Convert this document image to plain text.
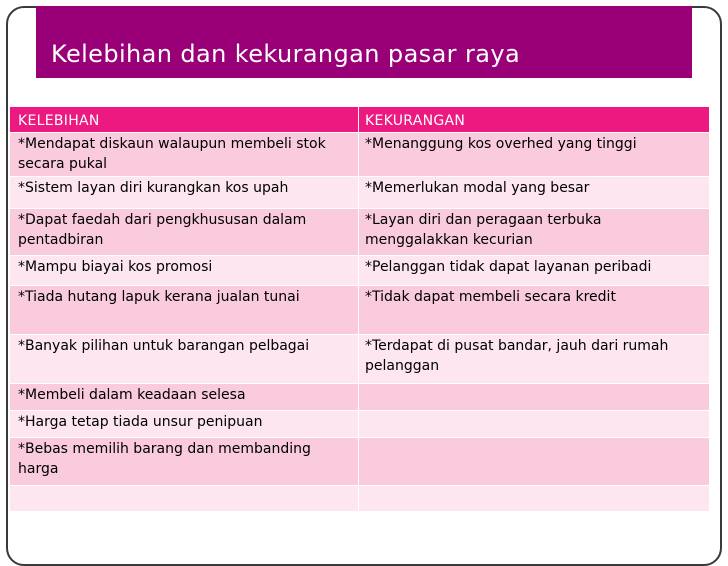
Kelebihan dan kekurangan pasar raya
KELEBIHAN	KEKURANGAN
*Mendapat diskaun walaupun membeli stok secara pukal	*Menanggung kos overhed yang tinggi
*Sistem layan diri kurangkan kos upah	*Memerlukan modal yang besar
*Dapat faedah dari pengkhususan dalam pentadbiran	*Layan diri dan peragaan terbuka menggalakkan kecurian
*Mampu biayai kos promosi	*Pelanggan tidak dapat layanan peribadi
*Tiada hutang lapuk kerana jualan tunai	*Tidak dapat membeli secara kredit
*Banyak pilihan untuk barangan pelbagai	*Terdapat di pusat bandar, jauh dari rumah pelanggan
*Membeli dalam keadaan selesa	
*Harga tetap tiada unsur penipuan	
*Bebas memilih barang dan membanding harga	
